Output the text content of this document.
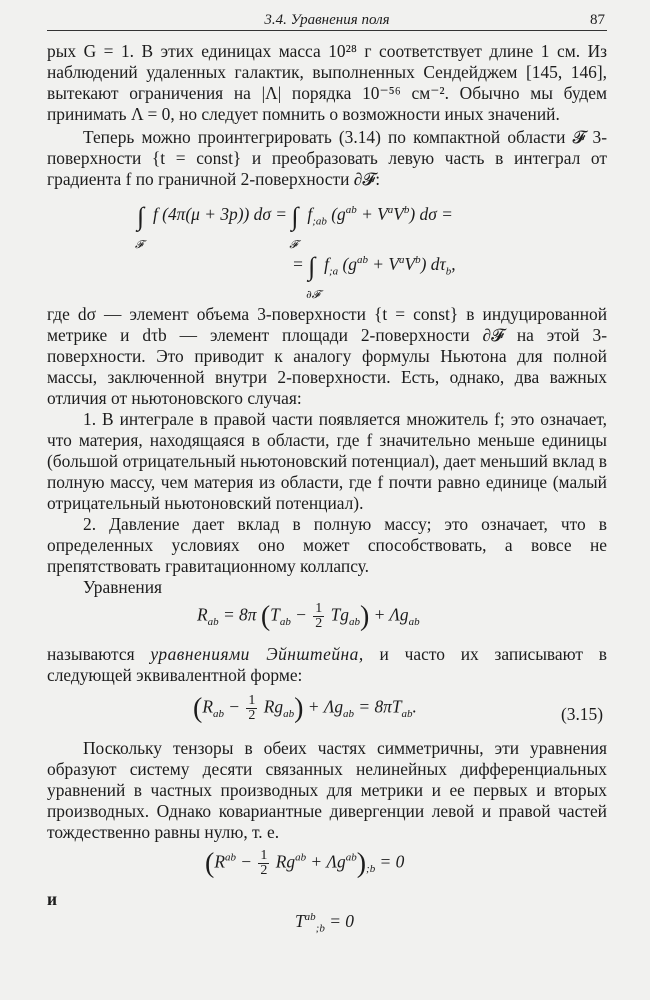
3.4. Уравнения поля	87

рых G = 1. В этих единицах масса 10²⁸ г соответствует длине 1 см. Из наблюдений удаленных галактик, выполненных Сендейджем [145, 146], вытекают ограничения на |Λ| порядка 10⁻⁵⁶ см⁻². Обычно мы будем принимать Λ = 0, но следует помнить о возможности иных значений.

Теперь можно проинтегрировать (3.14) по компактной области 𝓕 3-поверхности {t = const} и преобразовать левую часть в интеграл от градиента f по граничной 2-поверхности ∂𝓕:

∫
𝓕
f (4π(μ + 3p)) dσ = ∫
𝓕
$f_{;ab}$ $(g^{ab} + V^aV^b) d\sigma$ =
= ∫
∂𝓕
$f_{;a}$ $(g^{ab} + V^aV^b)$ $d\tau_b$,

где dσ — элемент объема 3-поверхности {t = const} в индуцированной метрике и dτb — элемент площади 2-поверхности ∂𝓕 на этой 3-поверхности. Это приводит к аналогу формулы Ньютона для полной массы, заключенной внутри 2-поверхности. Есть, однако, два важных отличия от ньютоновского случая:

1. В интеграле в правой части появляется множитель f; это означает, что материя, находящаяся в области, где f значительно меньше единицы (большой отрицательный ньютоновский потенциал), дает меньший вклад в полную массу, чем материя из области, где f почти равно единице (малый отрицательный ньютоновский потенциал).

2. Давление дает вклад в полную массу; это означает, что в определенных условиях оно может способствовать, а вовсе не препятствовать гравитационному коллапсу.

Уравнения

$R_{ab} = 8\pi$ $(T_{ab} - \frac{1}{2} Tg_{ab}) + \Lambda g_{ab}$

называются уравнениями Эйнштейна, и часто их записывают в следующей эквивалентной форме:

$(R_{ab} - \frac{1}{2} Rg_{ab}) + \Lambda g_{ab} = 8\pi T_{ab}$.	(3.15)

Поскольку тензоры в обеих частях симметричны, эти уравнения образуют систему десяти связанных нелинейных дифференциальных уравнений в частных производных для метрики и ее первых и вторых производных. Однако ковариантные дивергенции левой и правой частей тождественно равны нулю, т. е.

$(R^{ab} - \frac{1}{2} Rg^{ab} + \Lambda g^{ab})_{;b} = 0$
и
$T^{ab}_{;b} = 0$
